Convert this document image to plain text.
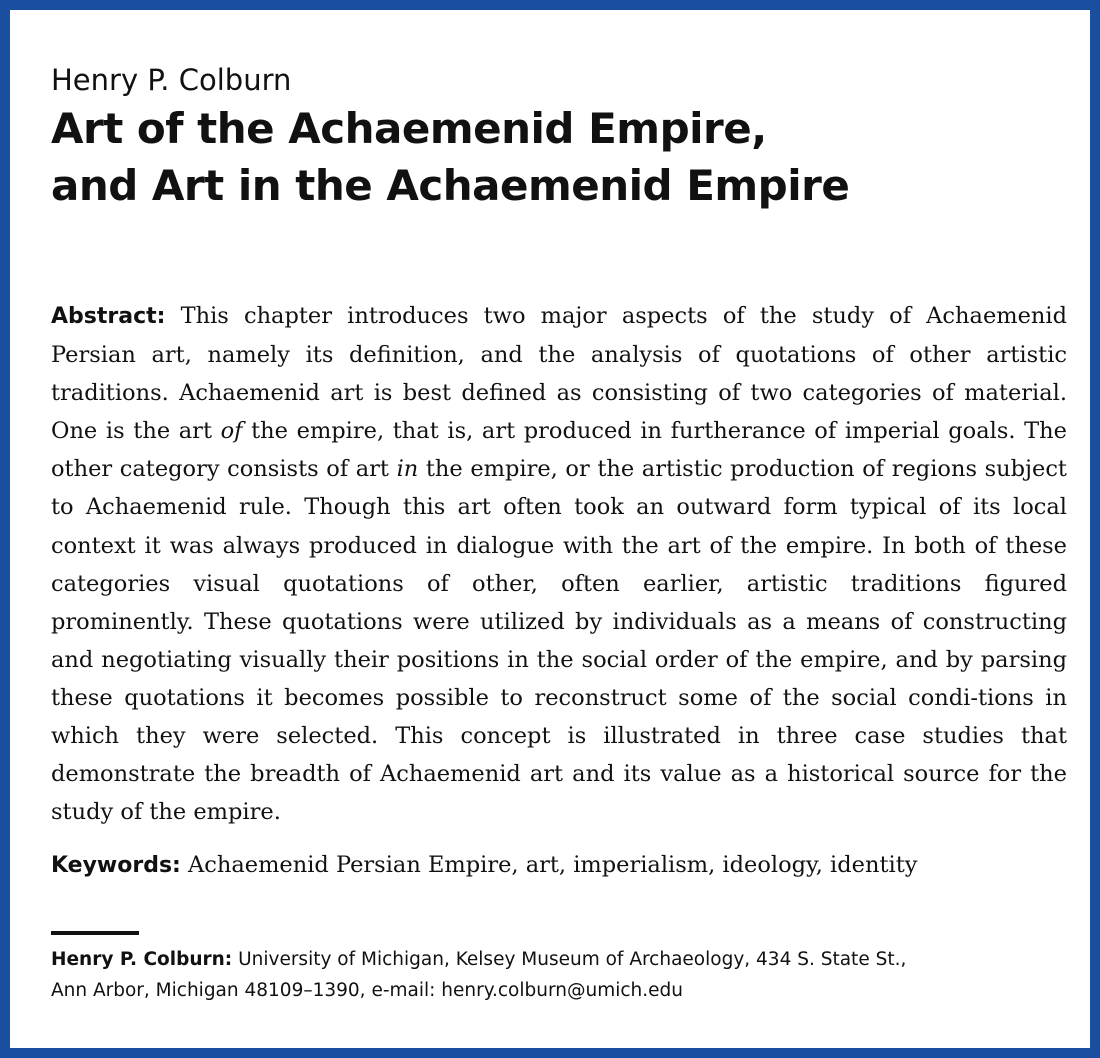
Henry P. Colburn

Art of the Achaemenid Empire,
and Art in the Achaemenid Empire

Abstract: This chapter introduces two major aspects of the study of Achaemenid Persian art, namely its definition, and the analysis of quotations of other artistic traditions. Achaemenid art is best defined as consisting of two categories of material. One is the art of the empire, that is, art produced in furtherance of imperial goals. The other category consists of art in the empire, or the artistic production of regions subject to Achaemenid rule. Though this art often took an outward form typical of its local context it was always produced in dialogue with the art of the empire. In both of these categories visual quotations of other, often earlier, artistic traditions figured prominently. These quotations were utilized by individuals as a means of constructing and negotiating visually their positions in the social order of the empire, and by parsing these quotations it becomes possible to reconstruct some of the social condi-tions in which they were selected. This concept is illustrated in three case studies that demonstrate the breadth of Achaemenid art and its value as a historical source for the study of the empire.

Keywords: Achaemenid Persian Empire, art, imperialism, ideology, identity

Henry P. Colburn: University of Michigan, Kelsey Museum of Archaeology, 434 S. State St.,
Ann Arbor, Michigan 48109–1390, e-mail: henry.colburn@umich.edu
